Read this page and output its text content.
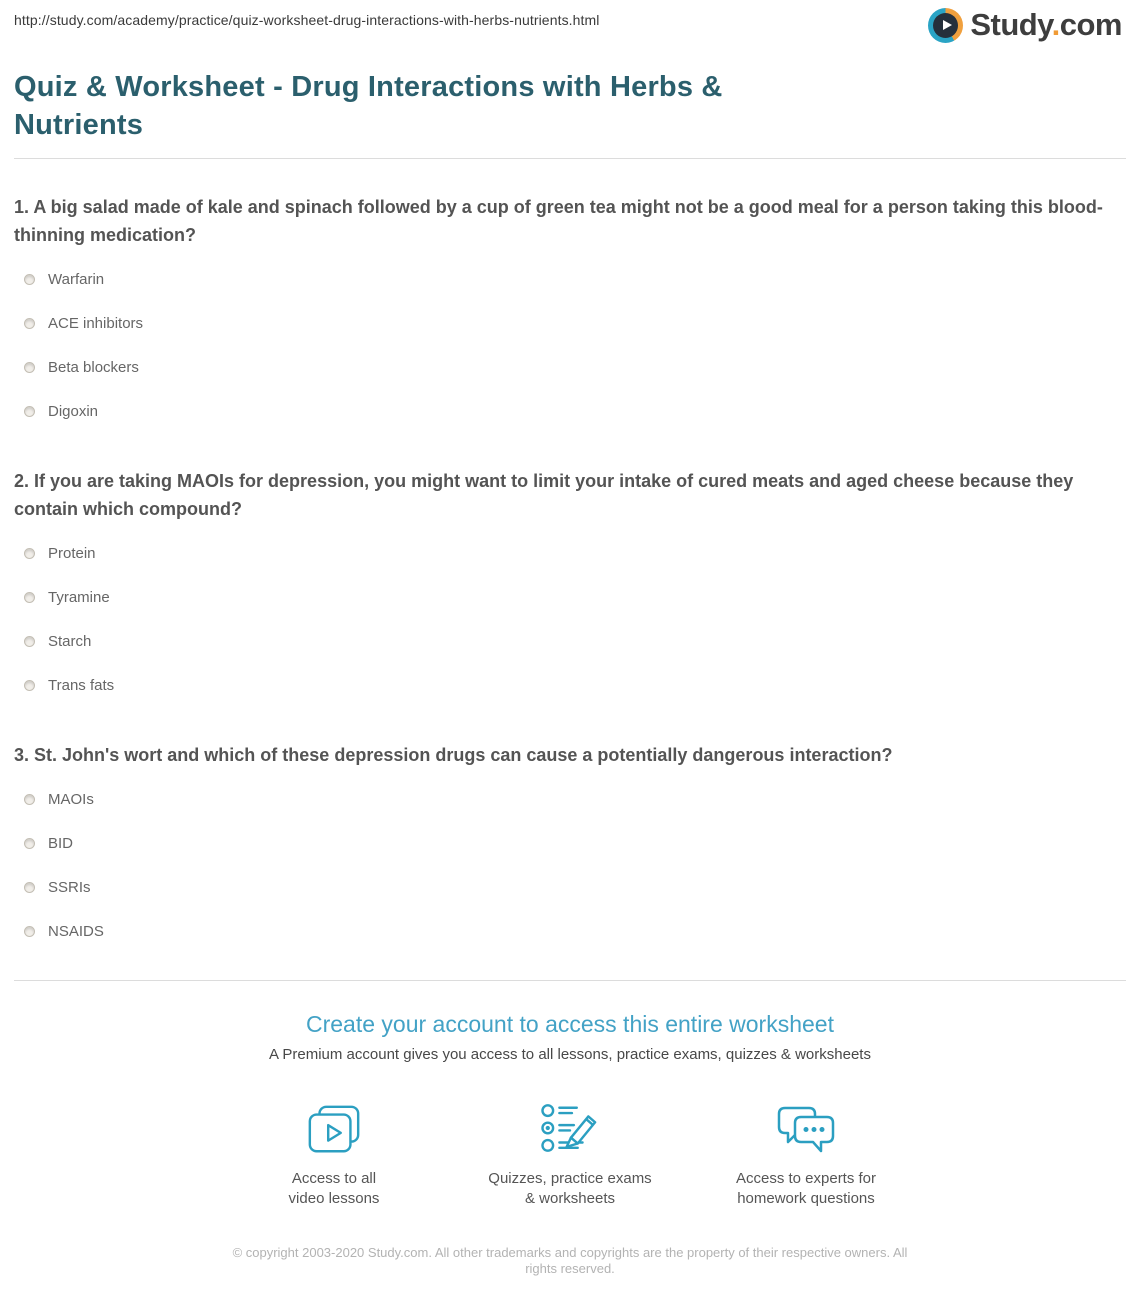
http://study.com/academy/practice/quiz-worksheet-drug-interactions-with-herbs-nutrients.html	Study.com
Quiz & Worksheet - Drug Interactions with Herbs & Nutrients
1. A big salad made of kale and spinach followed by a cup of green tea might not be a good meal for a person taking this blood-thinning medication?
Warfarin
ACE inhibitors
Beta blockers
Digoxin
2. If you are taking MAOIs for depression, you might want to limit your intake of cured meats and aged cheese because they contain which compound?
Protein
Tyramine
Starch
Trans fats
3. St. John's wort and which of these depression drugs can cause a potentially dangerous interaction?
MAOIs
BID
SSRIs
NSAIDS
Create your account to access this entire worksheet
A Premium account gives you access to all lessons, practice exams, quizzes & worksheets
Access to all
video lessons
Quizzes, practice exams
& worksheets
Access to experts for
homework questions
© copyright 2003-2020 Study.com. All other trademarks and copyrights are the property of their respective owners. All rights reserved.
